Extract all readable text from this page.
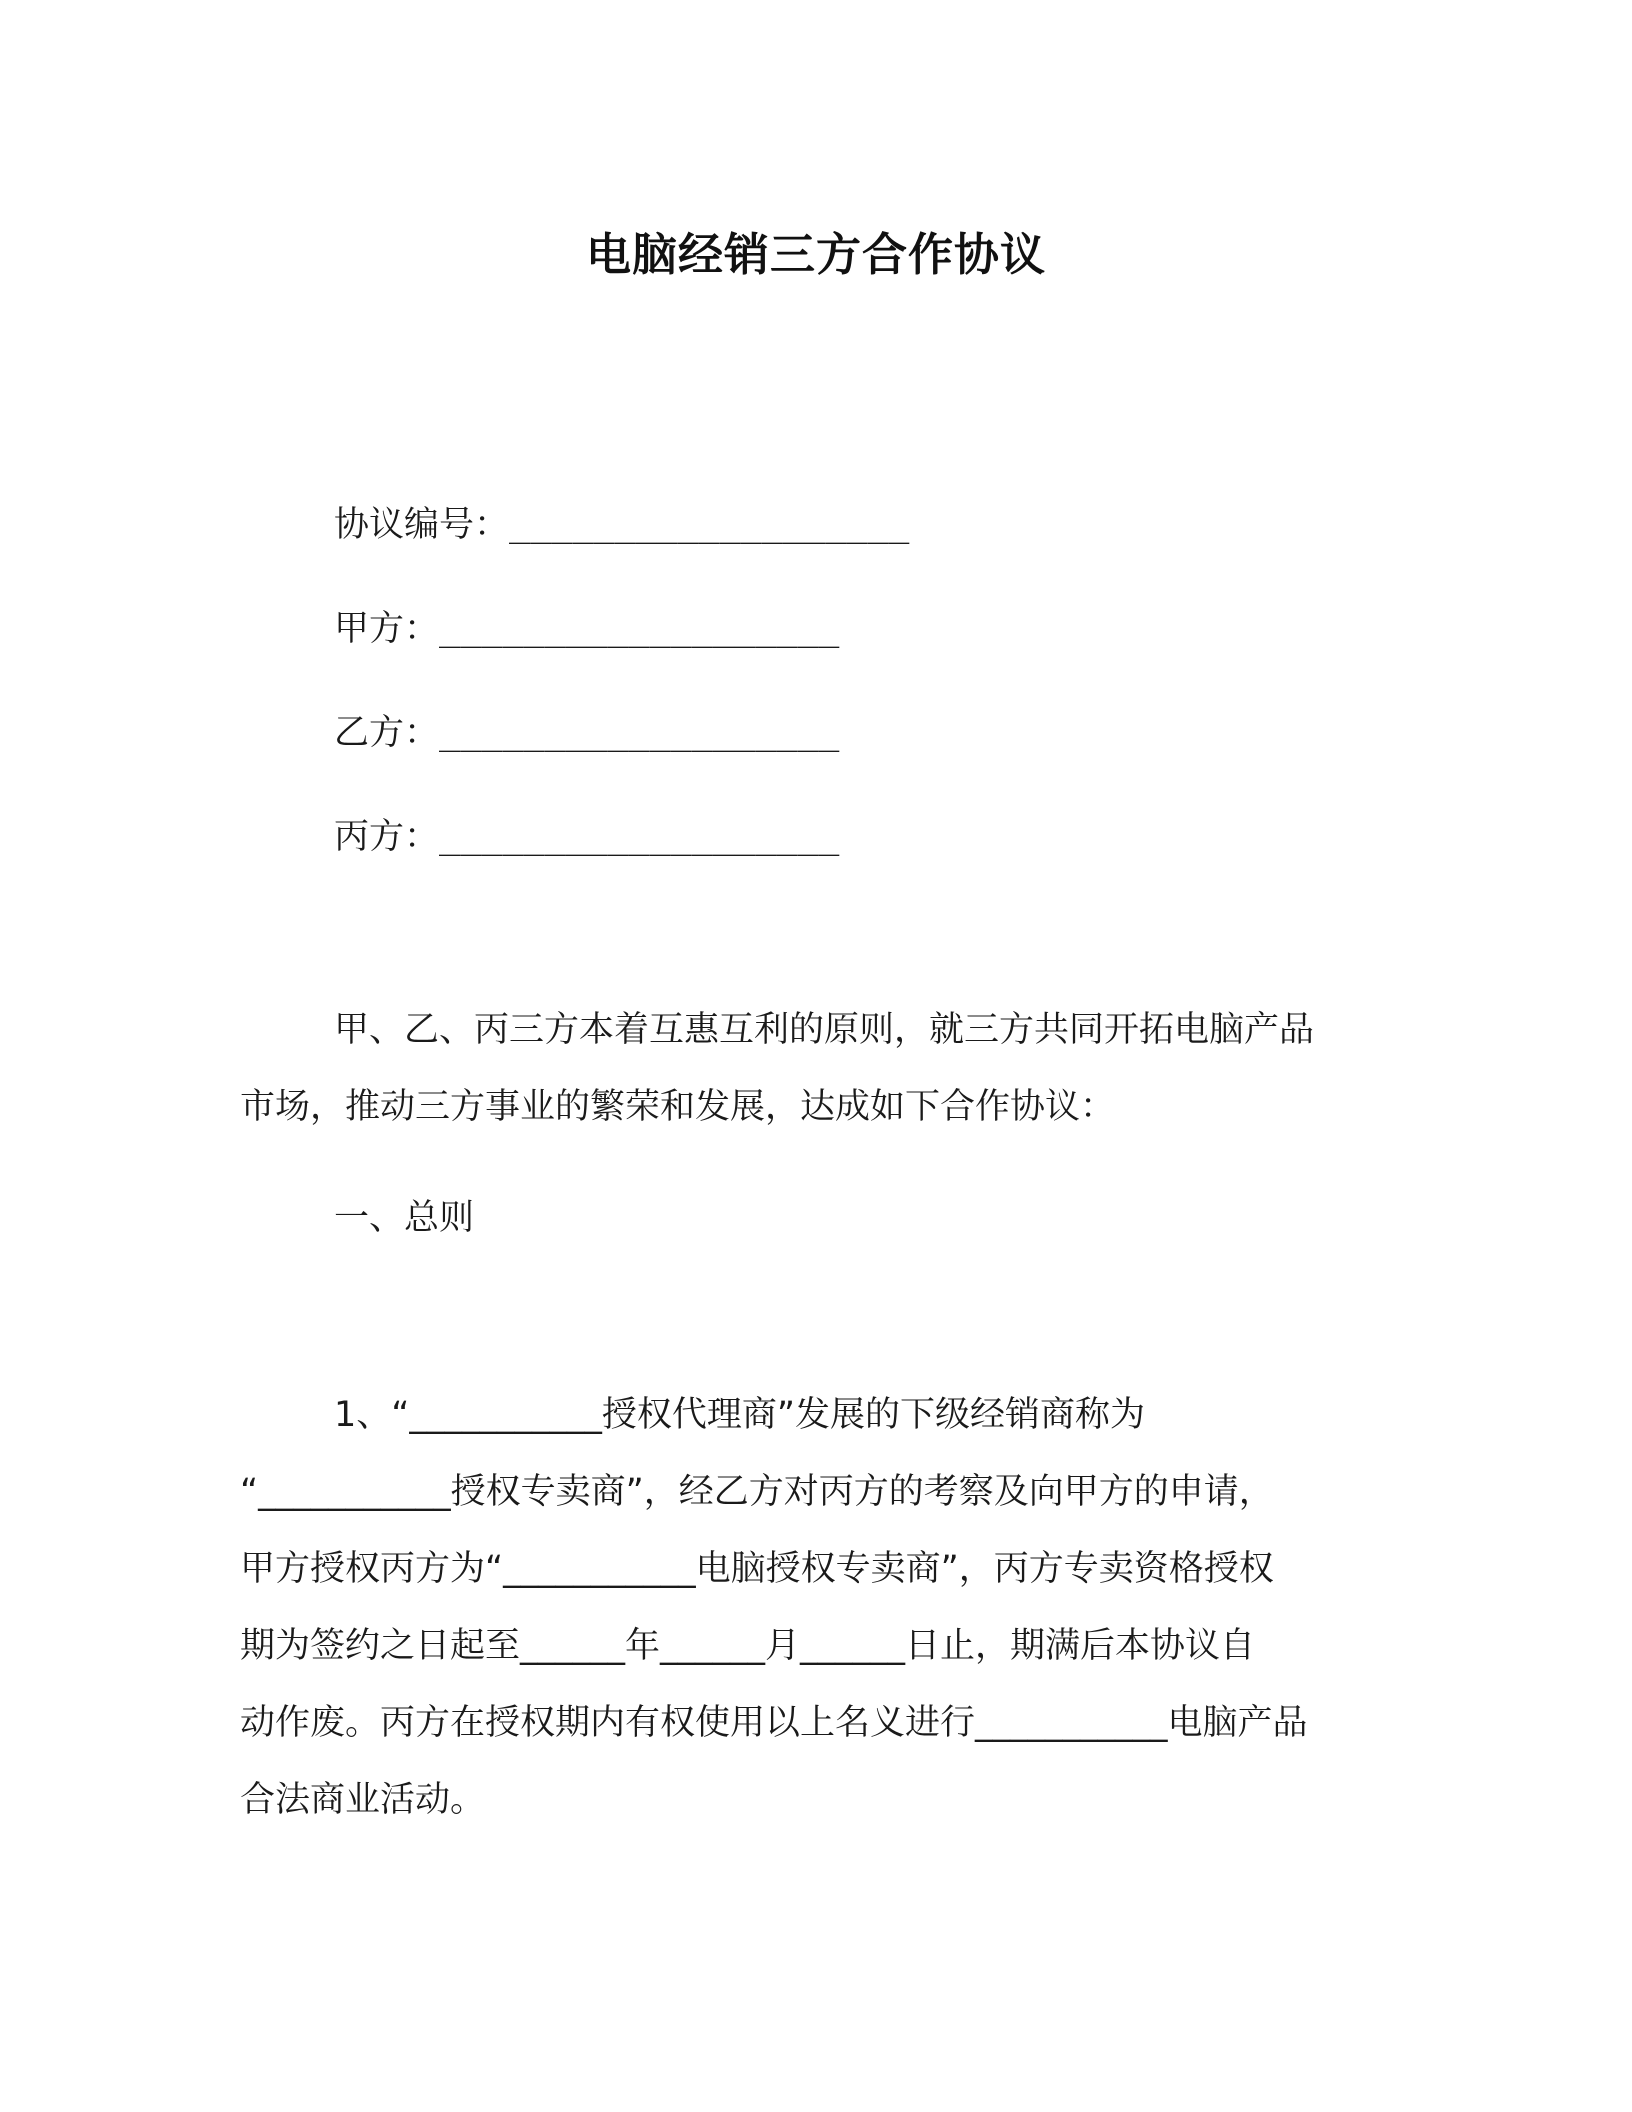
电脑经销三方合作协议
协议编号：___________________
甲方：___________________
乙方：___________________
丙方：___________________
甲、乙、丙三方本着互惠互利的原则，就三方共同开拓电脑产品
市场，推动三方事业的繁荣和发展，达成如下合作协议：
一、总则
1、“___________授权代理商”发展的下级经销商称为
“___________授权专卖商”，经乙方对丙方的考察及向甲方的申请，
甲方授权丙方为“___________电脑授权专卖商”，丙方专卖资格授权
期为签约之日起至______年______月______日止，期满后本协议自
动作废。丙方在授权期内有权使用以上名义进行___________电脑产品
合法商业活动。
